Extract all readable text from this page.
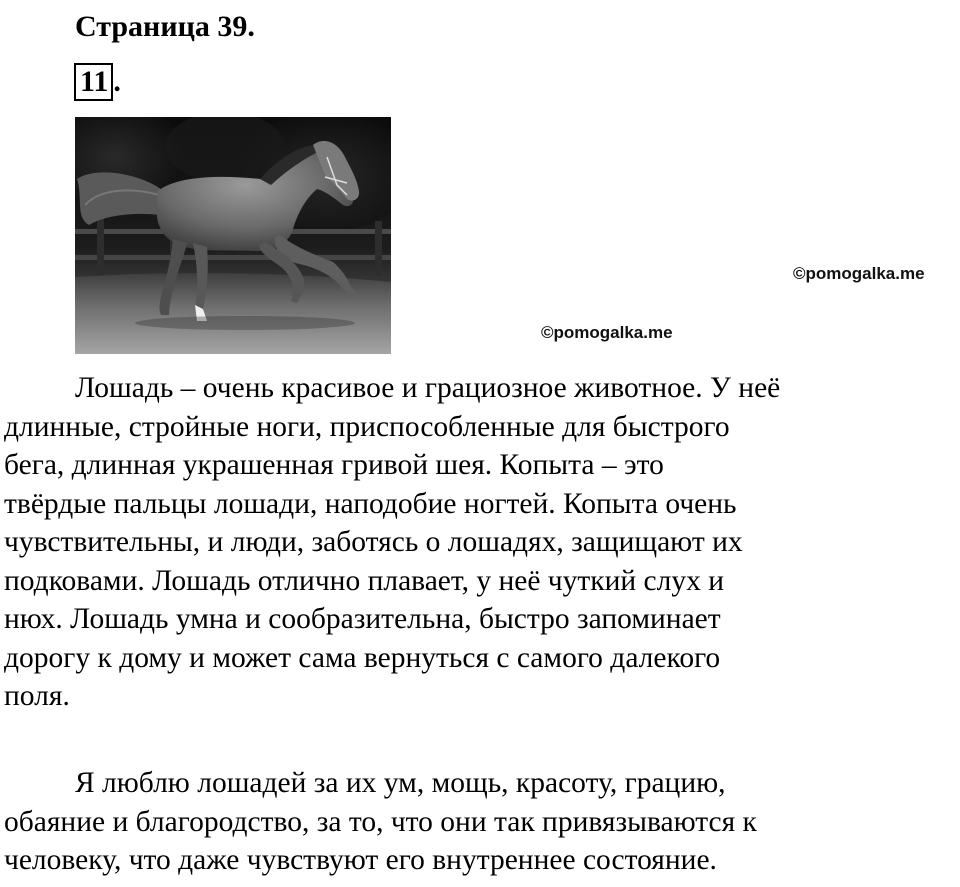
Страница 39.
11 .
©pomogalka.me
©pomogalka.me

Лошадь – очень красивое и грациозное животное. У неё
длинные, стройные ноги, приспособленные для быстрого
бега, длинная украшенная гривой шея. Копыта – это
твёрдые пальцы лошади, наподобие ногтей. Копыта очень
чувствительны, и люди, заботясь о лошадях, защищают их
подковами. Лошадь отлично плавает, у неё чуткий слух и
нюх. Лошадь умна и сообразительна, быстро запоминает
дорогу к дому и может сама вернуться с самого далекого
поля.

Я люблю лошадей за их ум, мощь, красоту, грацию,
обаяние и благородство, за то, что они так привязываются к
человеку, что даже чувствуют его внутреннее состояние.
